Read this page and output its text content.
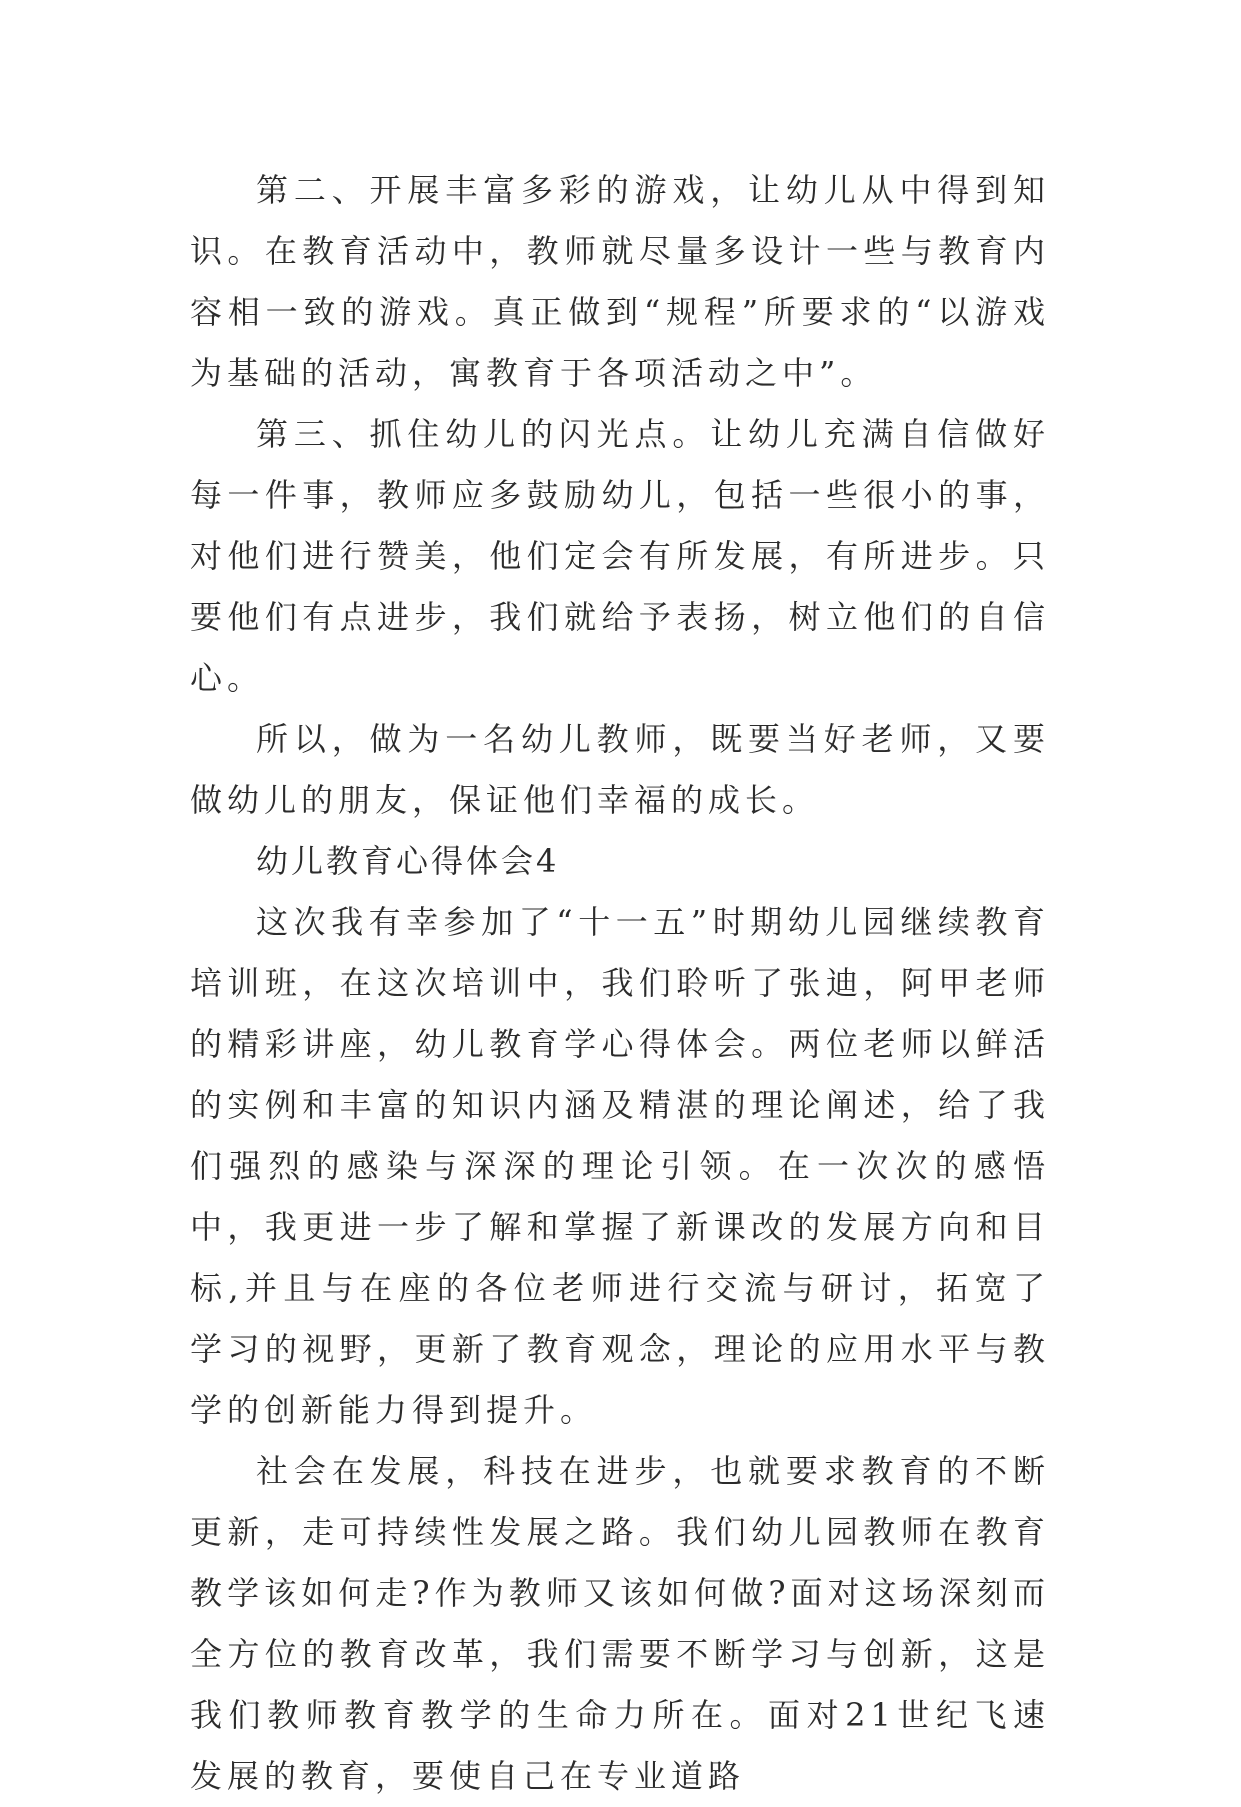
第二、开展丰富多彩的游戏，让幼儿从中得到知识。在教育活动中，教师就尽量多设计一些与教育内容相一致的游戏。真正做到“规程”所要求的“以游戏为基础的活动，寓教育于各项活动之中”。

第三、抓住幼儿的闪光点。让幼儿充满自信做好每一件事，教师应多鼓励幼儿，包括一些很小的事，对他们进行赞美，他们定会有所发展，有所进步。只要他们有点进步，我们就给予表扬，树立他们的自信心。

所以，做为一名幼儿教师，既要当好老师，又要做幼儿的朋友，保证他们幸福的成长。

幼儿教育心得体会4

这次我有幸参加了“十一五”时期幼儿园继续教育培训班，在这次培训中，我们聆听了张迪，阿甲老师的精彩讲座，幼儿教育学心得体会。两位老师以鲜活的实例和丰富的知识内涵及精湛的理论阐述，给了我们强烈的感染与深深的理论引领。在一次次的感悟中，我更进一步了解和掌握了新课改的发展方向和目标,并且与在座的各位老师进行交流与研讨，拓宽了学习的视野，更新了教育观念，理论的应用水平与教学的创新能力得到提升。

社会在发展，科技在进步，也就要求教育的不断更新，走可持续性发展之路。我们幼儿园教师在教育教学该如何走?作为教师又该如何做?面对这场深刻而全方位的教育改革，我们需要不断学习与创新，这是我们教师教育教学的生命力所在。面对21世纪飞速发展的教育，要使自己在专业道路
